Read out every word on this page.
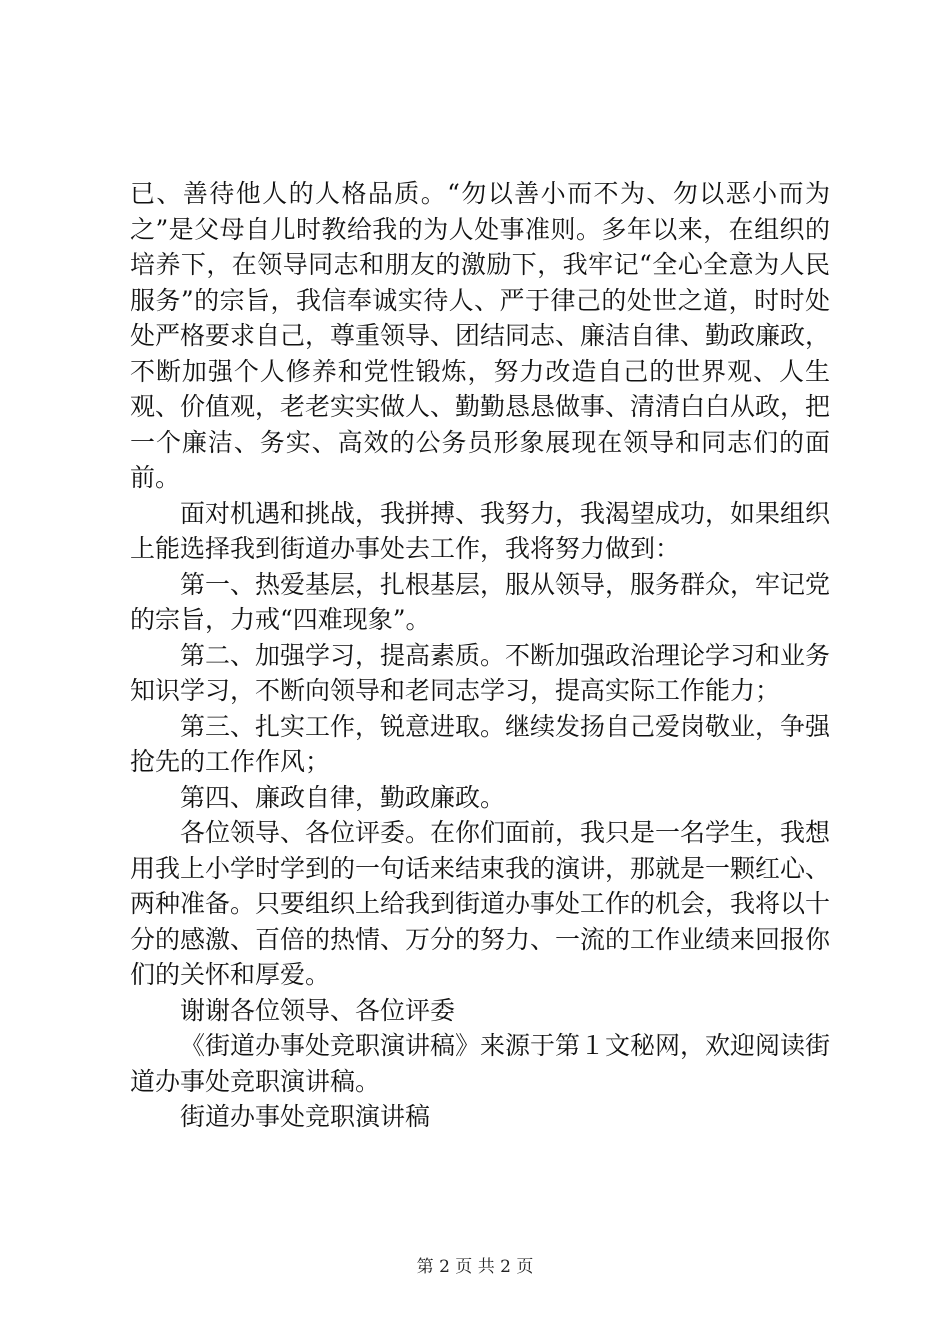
已、善待他人的人格品质。“勿以善小而不为、勿以恶小而为之”是父母自儿时教给我的为人处事准则。多年以来，在组织的培养下，在领导同志和朋友的激励下，我牢记“全心全意为人民服务”的宗旨，我信奉诚实待人、严于律己的处世之道，时时处处严格要求自己，尊重领导、团结同志、廉洁自律、勤政廉政，不断加强个人修养和党性锻炼，努力改造自己的世界观、人生观、价值观，老老实实做人、勤勤恳恳做事、清清白白从政，把一个廉洁、务实、高效的公务员形象展现在领导和同志们的面前。

面对机遇和挑战，我拼搏、我努力，我渴望成功，如果组织上能选择我到街道办事处去工作，我将努力做到：

第一、热爱基层，扎根基层，服从领导，服务群众，牢记党的宗旨，力戒“四难现象”。

第二、加强学习，提高素质。不断加强政治理论学习和业务知识学习，不断向领导和老同志学习，提高实际工作能力；

第三、扎实工作，锐意进取。继续发扬自己爱岗敬业，争强抢先的工作作风；

第四、廉政自律，勤政廉政。

各位领导、各位评委。在你们面前，我只是一名学生，我想用我上小学时学到的一句话来结束我的演讲，那就是一颗红心、两种准备。只要组织上给我到街道办事处工作的机会，我将以十分的感激、百倍的热情、万分的努力、一流的工作业绩来回报你们的关怀和厚爱。

谢谢各位领导、各位评委

《街道办事处竞职演讲稿》来源于第１文秘网，欢迎阅读街道办事处竞职演讲稿。

街道办事处竞职演讲稿

第 2 页 共 2 页
